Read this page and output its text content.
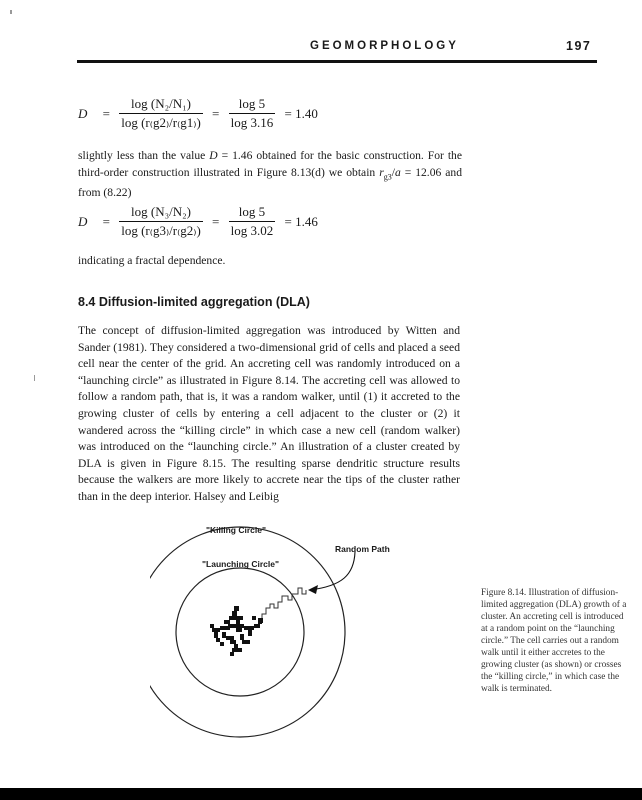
GEOMORPHOLOGY	197
$D = \frac{\text{log (N₂/N₁)}}{\log (r_(g2_)/r_(g1_))} = \frac{\log 5}{\log 3.16} = 1.40$
slightly less than the value D = 1.46 obtained for the basic construction. For the third-order construction illustrated in Figure 8.13(d) we obtain $r_{g3}/a = 12.06$ and from (8.22)
$D = \frac{\text{log (N₃/N₂)}}{\log (r_(g3_)/r_(g2_))} = \frac{\log 5}{\log 3.02} = 1.46$
indicating a fractal dependence.
8.4 Diffusion-limited aggregation (DLA)
The concept of diffusion-limited aggregation was introduced by Witten and Sander (1981). They considered a two-dimensional grid of cells and placed a seed cell near the center of the grid. An accreting cell was randomly introduced on a “launching circle” as illustrated in Figure 8.14. The accreting cell was allowed to follow a random path, that is, it was a random walker, until (1) it accreted to the growing cluster of cells by entering a cell adjacent to the cluster or (2) it wandered across the “killing circle” in which case a new cell (random walker) was introduced on the “launching circle.” An illustration of a cluster created by DLA is given in Figure 8.15. The resulting sparse dendritic structure results because the walkers are more likely to accrete near the tips of the cluster rather than in the deep interior. Halsey and Leibig
"Killing Circle"
"Launching Circle"
Random Path
Figure 8.14. Illustration of diffusion-limited aggregation (DLA) growth of a cluster. An accreting cell is introduced at a random point on the “launching circle.” The cell carries out a random walk until it either accretes to the growing cluster (as shown) or crosses the “killing circle,” in which case the walk is terminated.
